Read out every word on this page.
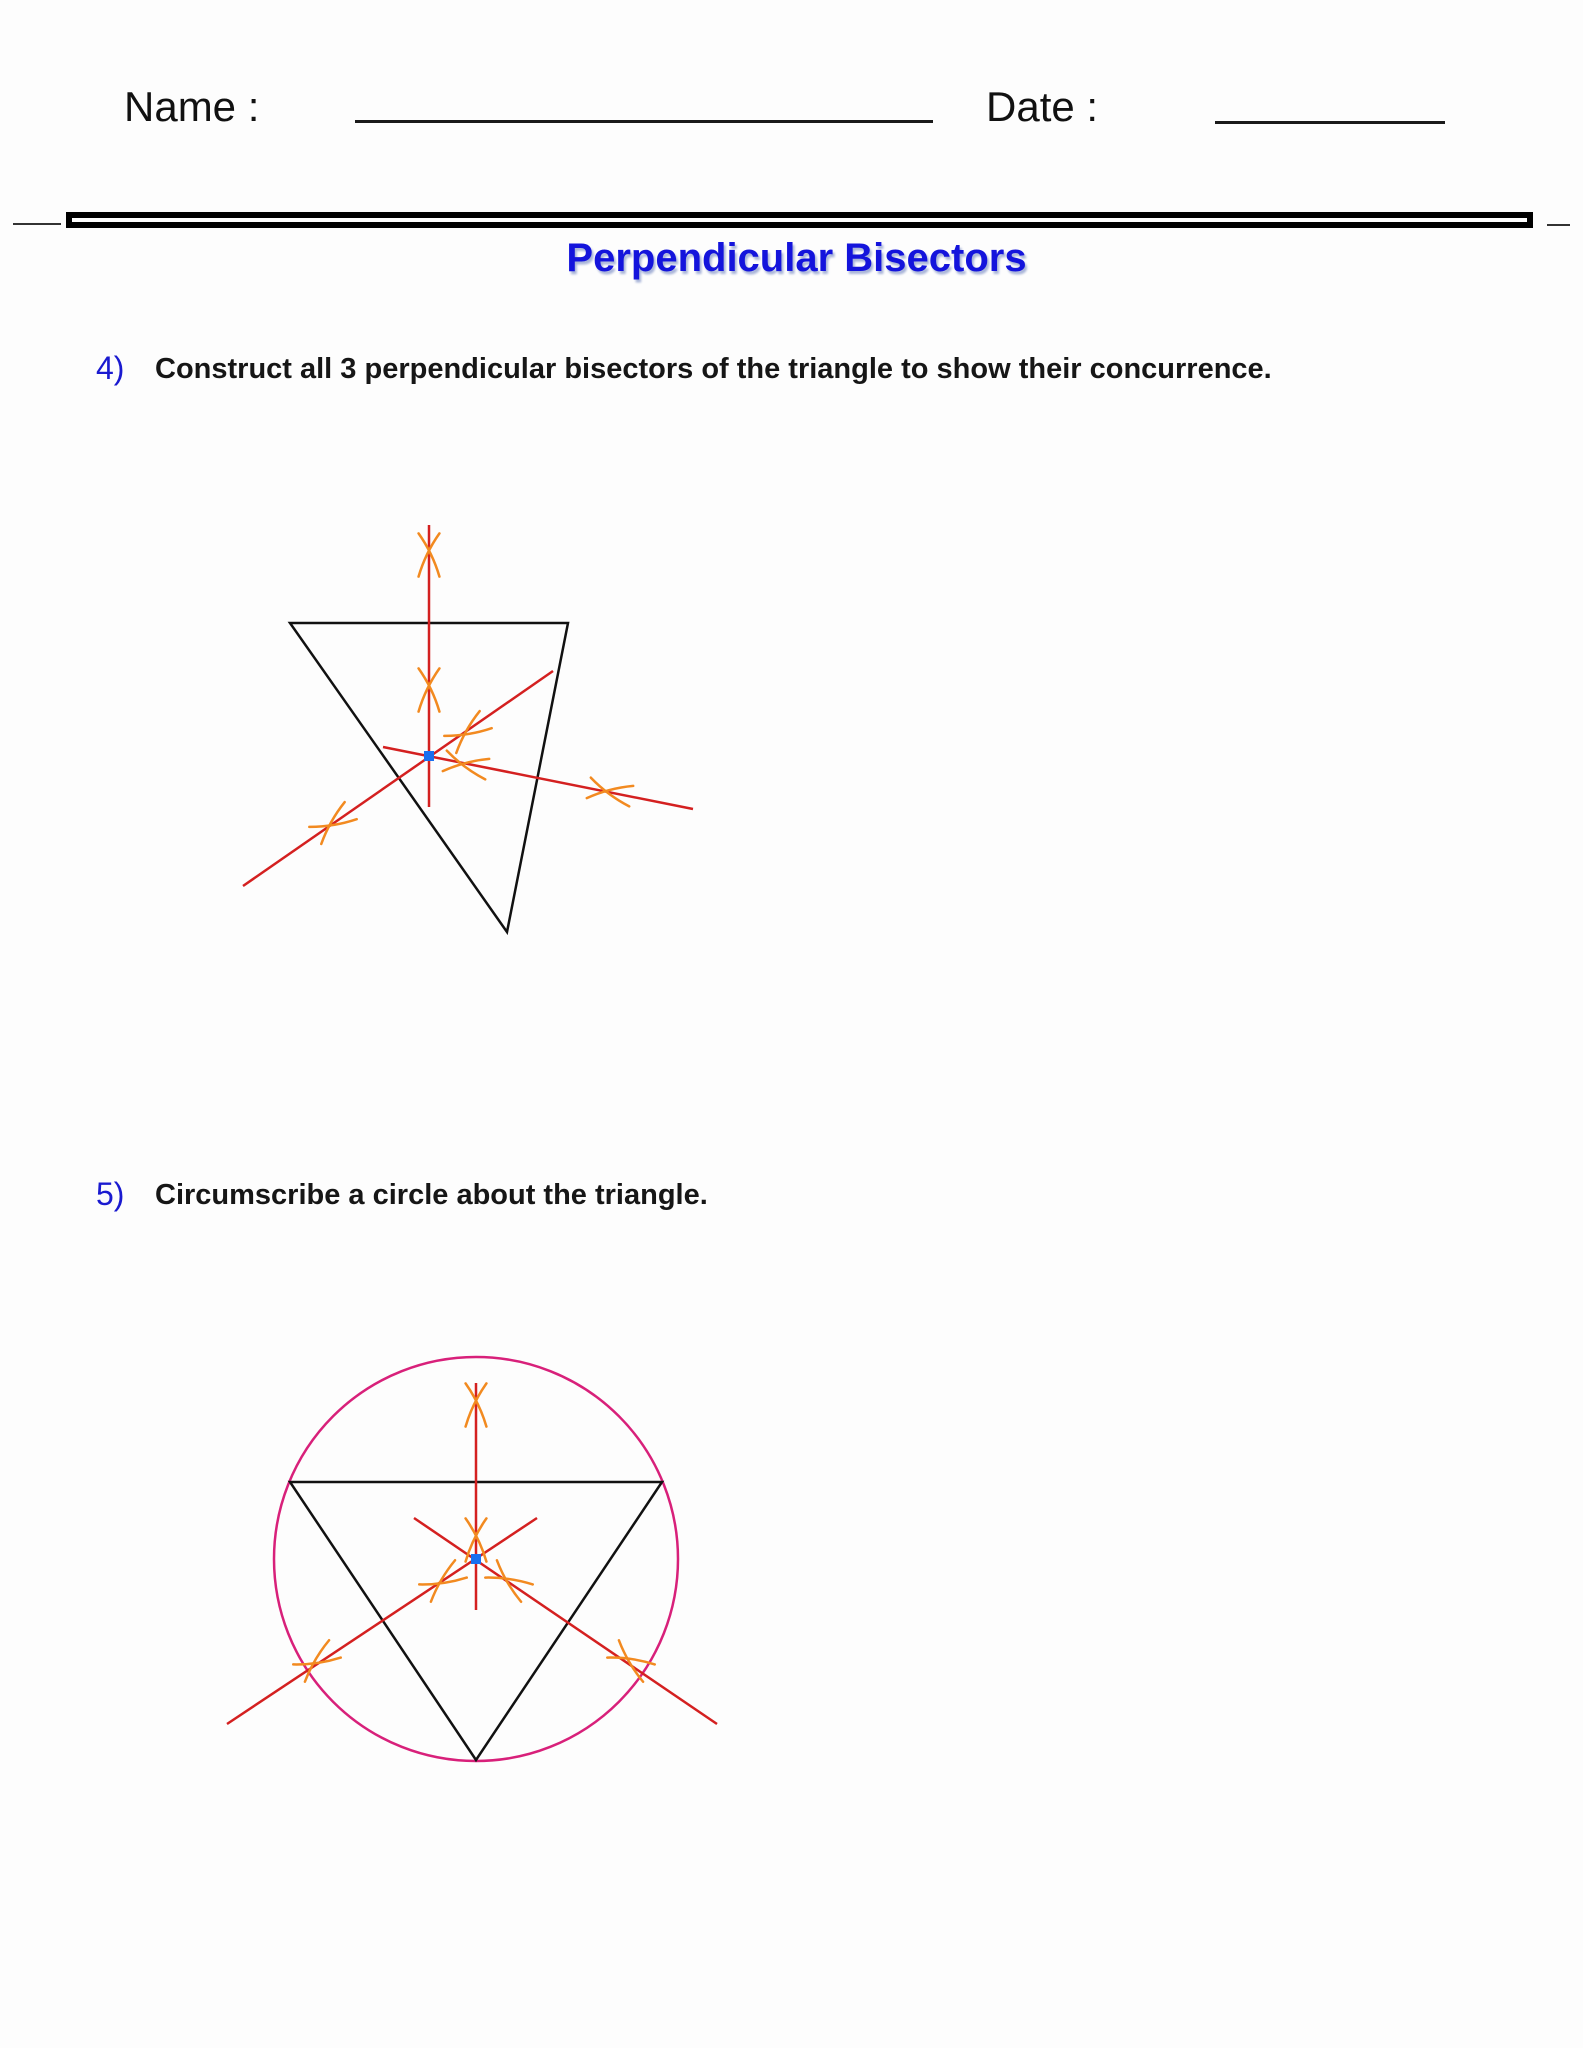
Name :	Date :
Perpendicular Bisectors
4) Construct all 3 perpendicular bisectors of the triangle to show their concurrence.
5) Circumscribe a circle about the triangle.
